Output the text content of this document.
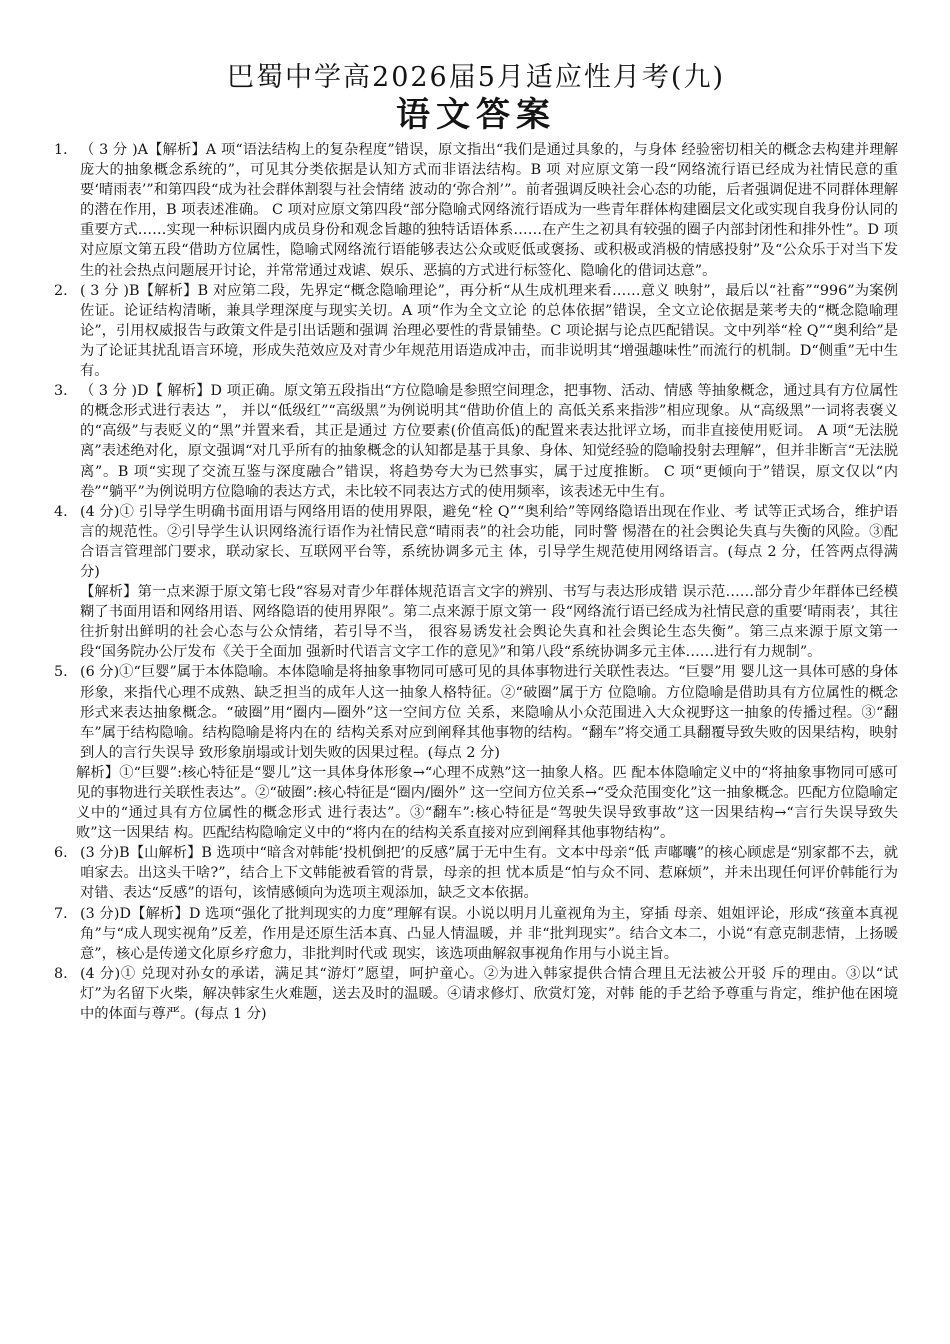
巴蜀中学高2026届5月适应性月考(九)
语文答案
1． （ 3 分 )A【解析】A 项“语法结构上的复杂程度”错误，原文指出“我们是通过具象的，与身体 经验密切相关的概念去构建并理解庞大的抽象概念系统的”，可见其分类依据是认知方式而非语法结构。B 项 对应原文第一段“网络流行语已经成为社情民意的重要‘晴雨表’”和第四段“成为社会群体割裂与社会情绪 波动的‘弥合剂’”。前者强调反映社会心态的功能，后者强调促进不同群体理解的潜在作用，B 项表述准确。 C 项对应原文第四段“部分隐喻式网络流行语成为一些青年群体构建圈层文化或实现自我身份认同的重要方式……实现一种标识圈内成员身份和观念旨趣的独特话语体系……在产生之初具有较强的圈子内部封闭性和排外性”。D 项对应原文第五段“借助方位属性，隐喻式网络流行语能够表达公众或贬低或褒扬、或积极或消极的情感投射”及“公众乐于对当下发生的社会热点问题展开讨论，并常常通过戏谑、娱乐、恶搞的方式进行标签化、隐喻化的借词达意”。
2. ( 3 分 )B【解析】B 对应第二段，先界定“概念隐喻理论”，再分析“从生成机理来看……意义 映射”，最后以“社畜”“996”为案例佐证。论证结构清晰，兼具学理深度与现实关切。A 项“作为全文立论 的总体依据”错误，全文立论依据是莱考夫的“概念隐喻理论”，引用权威报告与政策文件是引出话题和强调 治理必要性的背景铺垫。C 项论据与论点匹配错误。文中列举“栓 Q”“奥利给”是为了论证其扰乱语言环境，形成失范效应及对青少年规范用语造成冲击，而非说明其“增强趣味性”而流行的机制。D“侧重”无中生有。
3． （ 3 分 )D【 解析】D 项正确。原文第五段指出“方位隐喻是参照空间理念，把事物、活动、情感 等抽象概念，通过具有方位属性的概念形式进行表达 ”， 并以“低级红”“高级黑”为例说明其“借助价值上的 高低关系来指涉”相应现象。从“高级黑”一词将表褒义的“高级”与表贬义的“黑”并置来看，其正是通过 方位要素(价值高低)的配置来表达批评立场，而非直接使用贬词。 A 项“无法脱离”表述绝对化，原文强调“对几乎所有的抽象概念的认知都是基于具象、身体、知觉经验的隐喻投射去理解”，但并非断言“无法脱离”。B 项“实现了交流互鉴与深度融合”错误，将趋势夸大为已然事实，属于过度推断。 C 项“更倾向于”错误，原文仅以“内卷”“躺平”为例说明方位隐喻的表达方式，未比较不同表达方式的使用频率，该表述无中生有。
4. (4 分)① 引导学生明确书面用语与网络用语的使用界限，避免“栓 Q”“奥利给”等网络隐语出现在作业、考 试等正式场合，维护语言的规范性。②引导学生认识网络流行语作为社情民意“晴雨表”的社会功能，同时警 惕潜在的社会舆论失真与失衡的风险。③配合语言管理部门要求，联动家长、互联网平台等，系统协调多元主 体，引导学生规范使用网络语言。(每点 2 分，任答两点得满分)
【解析】第一点来源于原文第七段“容易对青少年群体规范语言文字的辨别、书写与表达形成错 误示范……部分青少年群体已经模糊了书面用语和网络用语、网络隐语的使用界限”。第二点来源于原文第一 段“网络流行语已经成为社情民意的重要‘晴雨表’，其往往折射出鲜明的社会心态与公众情绪，若引导不当， 很容易诱发社会舆论失真和社会舆论生态失衡”。第三点来源于原文第一段“国务院办公厅发布《关于全面加 强新时代语言文字工作的意见》”和第八段“系统协调多元主体……进行有力规制”。
5. (6 分)①“巨婴”属于本体隐喻。本体隐喻是将抽象事物同可感可见的具体事物进行关联性表达。“巨婴”用 婴儿这一具体可感的身体形象，来指代心理不成熟、缺乏担当的成年人这一抽象人格特征。②“破圈”属于方 位隐喻。方位隐喻是借助具有方位属性的概念形式来表达抽象概念。“破圈”用“圈内—圈外”这一空间方位 关系，来隐喻从小众范围进入大众视野这一抽象的传播过程。③“翻车”属于结构隐喻。结构隐喻是将内在的 结构关系对应到阐释其他事物的结构。“翻车”将交通工具翻覆导致失败的因果结构，映射到人的言行失误导 致形象崩塌或计划失败的因果过程。(每点 2 分)
解析】①“巨婴”:核心特征是“婴儿”这一具体身体形象→“心理不成熟”这一抽象人格。匹 配本体隐喻定义中的“将抽象事物同可感可见的事物进行关联性表达”。②“破圈”:核心特征是“圈内/圈外” 这一空间方位关系→“受众范围变化”这一抽象概念。匹配方位隐喻定义中的“通过具有方位属性的概念形式 进行表达”。③“翻车”:核心特征是“驾驶失误导致事故”这一因果结构→“言行失误导致失败”这一因果结 构。匹配结构隐喻定义中的“将内在的结构关系直接对应到阐释其他事物结构”。
6． (3 分)B【山解析】B 选项中“暗含对韩能‘投机倒把’的反感”属于无中生有。文本中母亲“低 声嘟囔”的核心顾虑是“别家都不去，就咱家去。出这头干啥?”，结合上下文韩能被看管的背景，母亲的担 忧本质是“怕与众不同、惹麻烦”，并未出现任何评价韩能行为对错、表达“反感”的语句，该情感倾向为选项主观添加，缺乏文本依据。
7． (3 分)D【解析】D 选项“强化了批判现实的力度”理解有误。小说以明月儿童视角为主，穿插 母亲、姐姐评论，形成“孩童本真视角”与“成人现实视角”反差，作用是还原生活本真、凸显人情温暖，并 非“批判现实”。结合文本二，小说“有意克制悲情，上扬暖意”，核心是传递文化原乡疗愈力，非批判时代或 现实，该选项曲解叙事视角作用与小说主旨。
8. (4 分)① 兑现对孙女的承诺，满足其“游灯”愿望，呵护童心。②为进入韩家提供合情合理且无法被公开驳 斥的理由。③以“试灯”为名留下火柴，解决韩家生火难题，送去及时的温暖。④请求修灯、欣赏灯笼，对韩 能的手艺给予尊重与肯定，维护他在困境中的体面与尊严。(每点 1 分)
